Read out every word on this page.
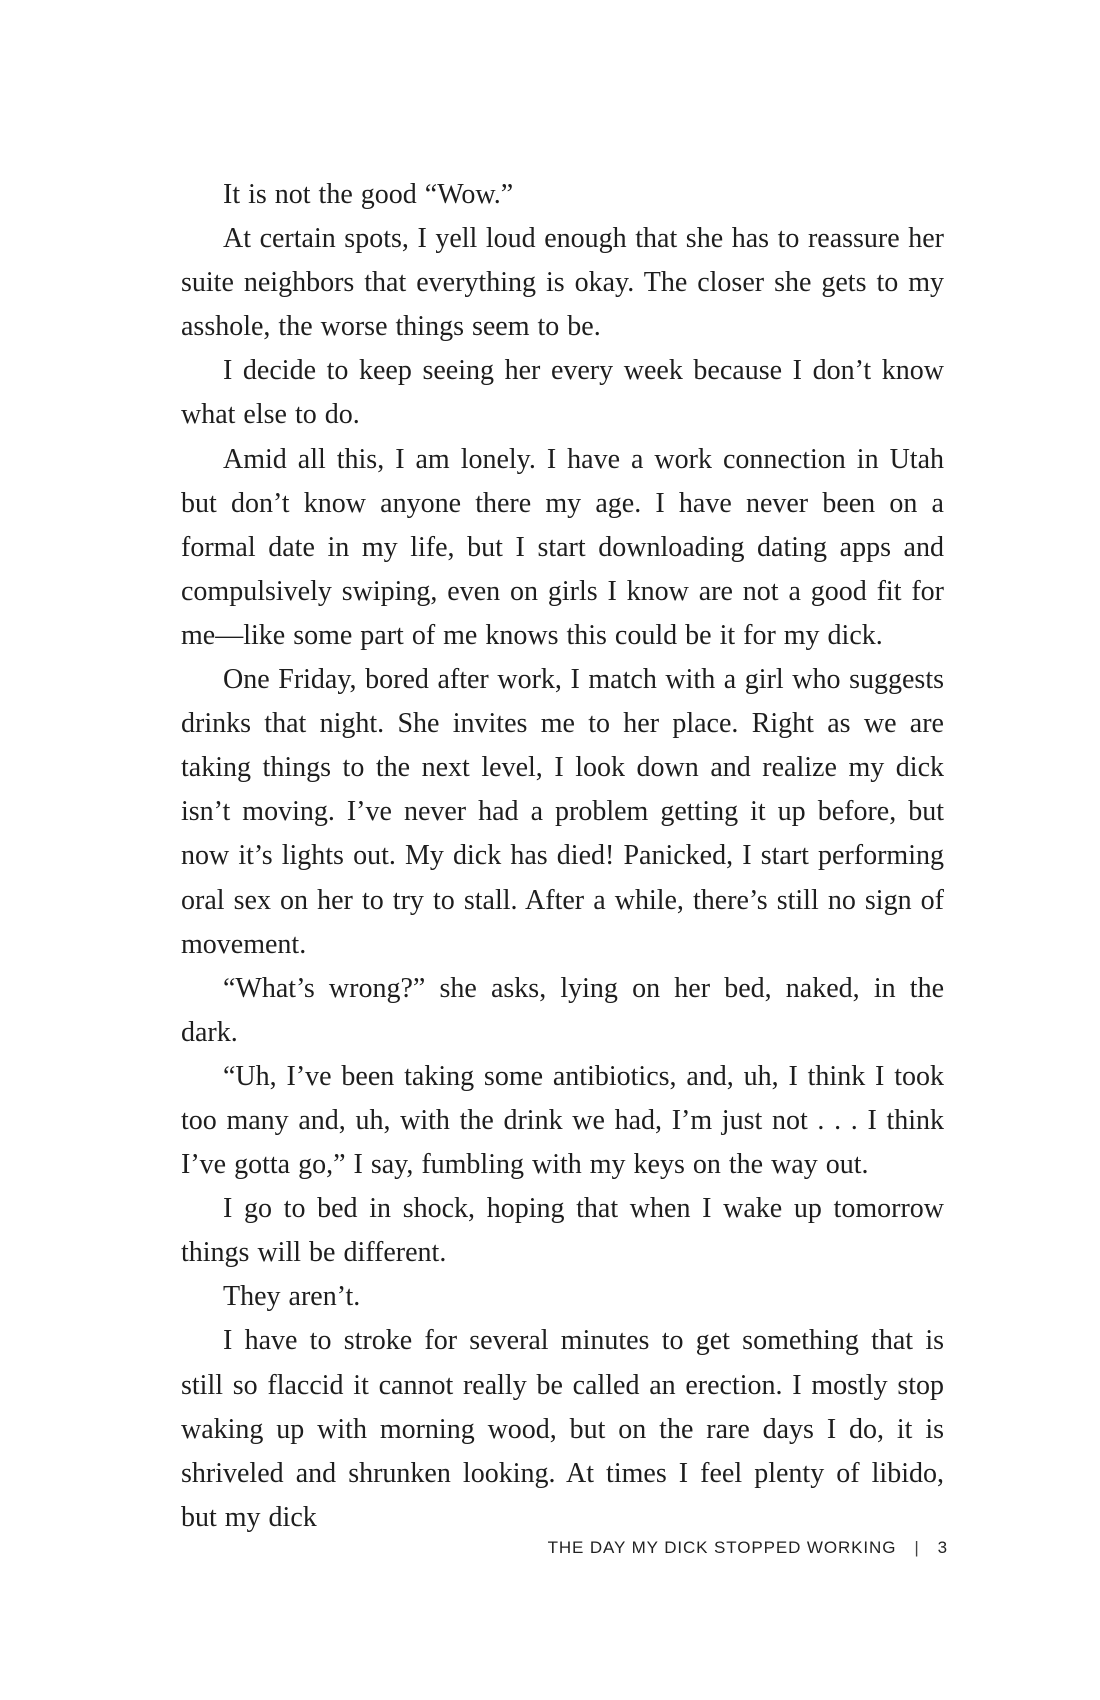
It is not the good “Wow.”

At certain spots, I yell loud enough that she has to reassure her suite neighbors that everything is okay. The closer she gets to my asshole, the worse things seem to be.

I decide to keep seeing her every week because I don’t know what else to do.

Amid all this, I am lonely. I have a work connection in Utah but don’t know anyone there my age. I have never been on a formal date in my life, but I start downloading dating apps and compulsively swiping, even on girls I know are not a good fit for me—like some part of me knows this could be it for my dick.

One Friday, bored after work, I match with a girl who suggests drinks that night. She invites me to her place. Right as we are taking things to the next level, I look down and realize my dick isn’t moving. I’ve never had a problem getting it up before, but now it’s lights out. My dick has died! Panicked, I start performing oral sex on her to try to stall. After a while, there’s still no sign of movement.

“What’s wrong?” she asks, lying on her bed, naked, in the dark.

“Uh, I’ve been taking some antibiotics, and, uh, I think I took too many and, uh, with the drink we had, I’m just not . . . I think I’ve gotta go,” I say, fumbling with my keys on the way out.

I go to bed in shock, hoping that when I wake up tomorrow things will be different.

They aren’t.

I have to stroke for several minutes to get something that is still so flaccid it cannot really be called an erection. I mostly stop waking up with morning wood, but on the rare days I do, it is shriveled and shrunken looking. At times I feel plenty of libido, but my dick

THE DAY MY DICK STOPPED WORKING | 3
